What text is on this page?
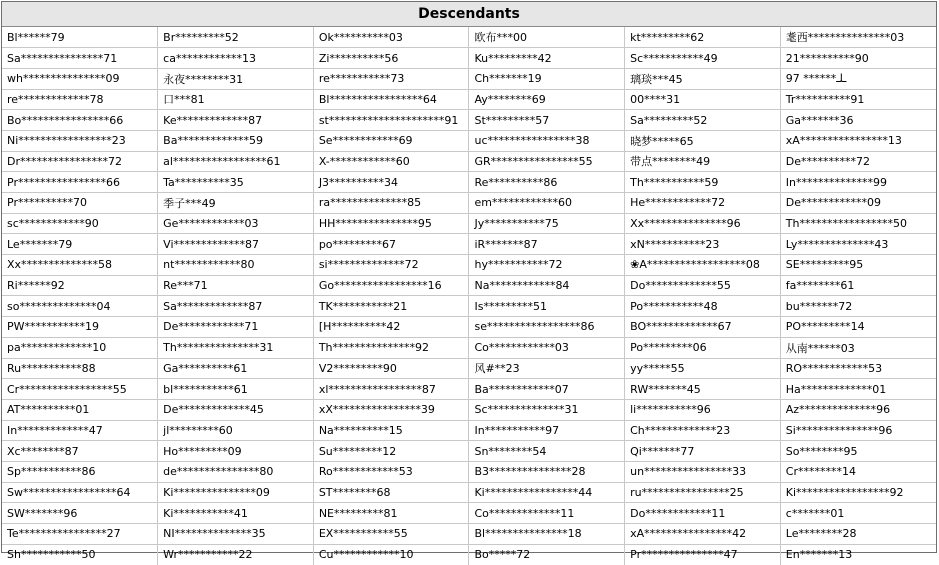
Descendants
Bl******79	Br*********52	Ok**********03	欧布***00	kt*********62	耄西***************03
Sa***************71	ca************13	Zi**********56	Ku*********42	Sc***********49	21**********90
wh***************09	永夜********31	re***********73	Ch*******19	璃琰***45	ـﻠـ****** 97
re*************78	口***81	Bl*****************64	Ay********69	00****31	Tr**********91
Bo****************66	Ke*************87	st*********************91	St*********57	Sa*********52	Ga*******36
Ni*****************23	Ba*************59	Se************69	uc****************38	晓梦*****65	xA****************13
Dr****************72	al*****************61	X-************60	GR****************55	带点********49	De**********72
Pr****************66	Ta**********35	J3**********34	Re**********86	Th***********59	In**************99
Pr**********70	季子***49	ra**************85	em************60	He************72	De************09
sc************90	Ge************03	HH***************95	Jy***********75	Xx***************96	Th*****************50
Le*******79	Vi*************87	po*********67	iR*******87	xN***********23	Ly**************43
Xx**************58	nt************80	si**************72	hy***********72	❀A******************08	SE*********95
Ri******92	Re***71	Go*****************16	Na************84	Do*************55	fa********61
so**************04	Sa*************87	TK***********21	Is*********51	Po***********48	bu*******72
PW***********19	De************71	[H**********42	se*****************86	BO*************67	PO*********14
pa*************10	Th***************31	Th***************92	Co************03	Po*********06	从南******03
Ru***********88	Ga**********61	V2*********90	风#**23	yy*****55	RO************53
Cr*****************55	bl***********61	xl*****************87	Ba************07	RW*******45	Ha*************01
AT**********01	De*************45	xX****************39	Sc**************31	li***********96	Az**************96
In*************47	jl*********60	Na**********15	In***********97	Ch*************23	Si***************96
Xc********87	Ho*********09	Su*********12	Sn********54	Qi*******77	So********95
Sp***********86	de***************80	Ro************53	B3***************28	un****************33	Cr********14
Sw*****************64	Ki***************09	ST********68	Ki*****************44	ru****************25	Ki*****************92
SW*******96	Ki***********41	NE*********81	Co*************11	Do************11	c*******01
Te****************27	NI**************35	EX***********55	Bl***************18	xA****************42	Le********28
Sh***********50	Wr***********22	Cu************10	Bo*****72	Pr***************47	En*******13
